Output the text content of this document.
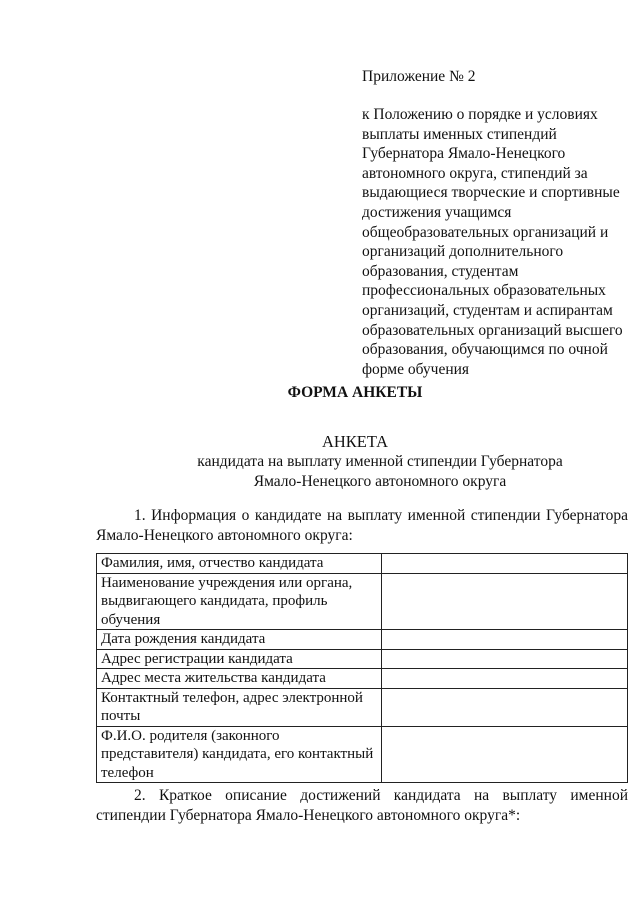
Приложение № 2
к Положению о порядке и условиях выплаты именных стипендий Губернатора Ямало-Ненецкого автономного округа, стипендий за выдающиеся творческие и спортивные достижения учащимся общеобразовательных организаций и организаций дополнительного образования, студентам профессиональных образовательных организаций, студентам и аспирантам образовательных организаций высшего образования, обучающимся по очной форме обучения
ФОРМА АНКЕТЫ
АНКЕТА
кандидата на выплату именной стипендии Губернатора
Ямало-Ненецкого автономного округа
1. Информация о кандидате на выплату именной стипендии Губернатора Ямало-Ненецкого автономного округа:
Фамилия, имя, отчество кандидата	
Наименование учреждения или органа, выдвигающего кандидата, профиль обучения	
Дата рождения кандидата	
Адрес регистрации кандидата	
Адрес места жительства кандидата	
Контактный телефон, адрес электронной почты	
Ф.И.О. родителя (законного представителя) кандидата, его контактный телефон	
2. Краткое описание достижений кандидата на выплату именной стипендии Губернатора Ямало-Ненецкого автономного округа*:
